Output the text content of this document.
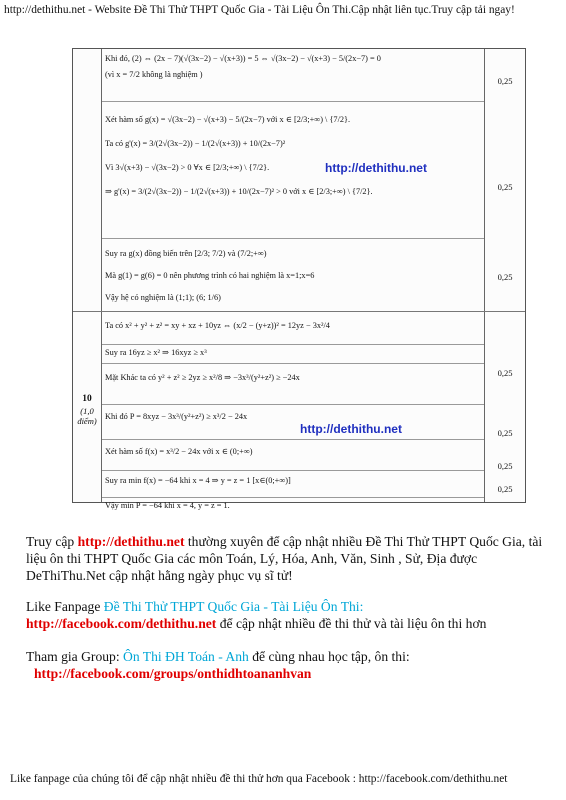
http://dethithu.net - Website Đề Thi Thử THPT Quốc Gia - Tài Liệu Ôn Thi.Cập nhật liên tục.Truy cập tải ngay!
0,25
0,25
0,25
Khi đó, (2) ⇔ (2x − 7)(√(3x−2) − √(x+3)) = 5 ⇔ √(3x−2) − √(x+3) − 5/(2x−7) = 0
(vì x = 7/2 không là nghiệm )
Xét hàm số g(x) = √(3x−2) − √(x+3) − 5/(2x−7) với x ∈ [2/3;+∞) \ {7/2}.
Ta có g'(x) = 3/(2√(3x−2)) − 1/(2√(x+3)) + 10/(2x−7)²
Vì 3√(x+3) − √(3x−2) > 0 ∀x ∈ [2/3;+∞) \ {7/2}.
⇒ g'(x) = 3/(2√(3x−2)) − 1/(2√(x+3)) + 10/(2x−7)² > 0 với x ∈ [2/3;+∞) \ {7/2}.
Suy ra g(x) đồng biến trên [2/3; 7/2) và (7/2;+∞)
Mà g(1) = g(6) = 0 nên phương trình có hai nghiệm là x=1;x=6
Vậy hệ có nghiệm là (1;1); (6; 1/6)
10
(1,0 điểm)
0,25
0,25
0,25
0,25
Ta có x² + y² + z² = xy + xz + 10yz ⇔ (x/2 − (y+z))² = 12yz − 3x²/4
Suy ra 16yz ≥ x² ⇒ 16xyz ≥ x³
Mặt Khác ta có y² + z² ≥ 2yz ≥ x²/8 ⇒ −3x³/(y²+z²) ≥ −24x
Khi đó P = 8xyz − 3x³/(y²+z²) ≥ x³/2 − 24x
Xét hàm số f(x) = x³/2 − 24x với x ∈ (0;+∞)
Suy ra min f(x) = −64 khi x = 4 ⇒ y = z = 1 [x∈(0;+∞)]
Vậy min P = −64 khi x = 4, y = z = 1.
http://dethithu.net
http://dethithu.net
Truy cập http://dethithu.net thường xuyên để cập nhật nhiều Đề Thi Thử THPT Quốc Gia, tài liệu ôn thi THPT Quốc Gia các môn Toán, Lý, Hóa, Anh, Văn, Sinh , Sử, Địa được DeThiThu.Net cập nhật hằng ngày phục vụ sĩ tử!
Like Fanpage Đề Thi Thử THPT Quốc Gia - Tài Liệu Ôn Thi:
http://facebook.com/dethithu.net để cập nhật nhiều đề thi thử và tài liệu ôn thi hơn
Tham gia Group: Ôn Thi ĐH Toán - Anh để cùng nhau học tập, ôn thi:
http://facebook.com/groups/onthidhtoananhvan
Like fanpage của chúng tôi để cập nhật nhiều đề thi thử hơn qua Facebook : http://facebook.com/dethithu.net
